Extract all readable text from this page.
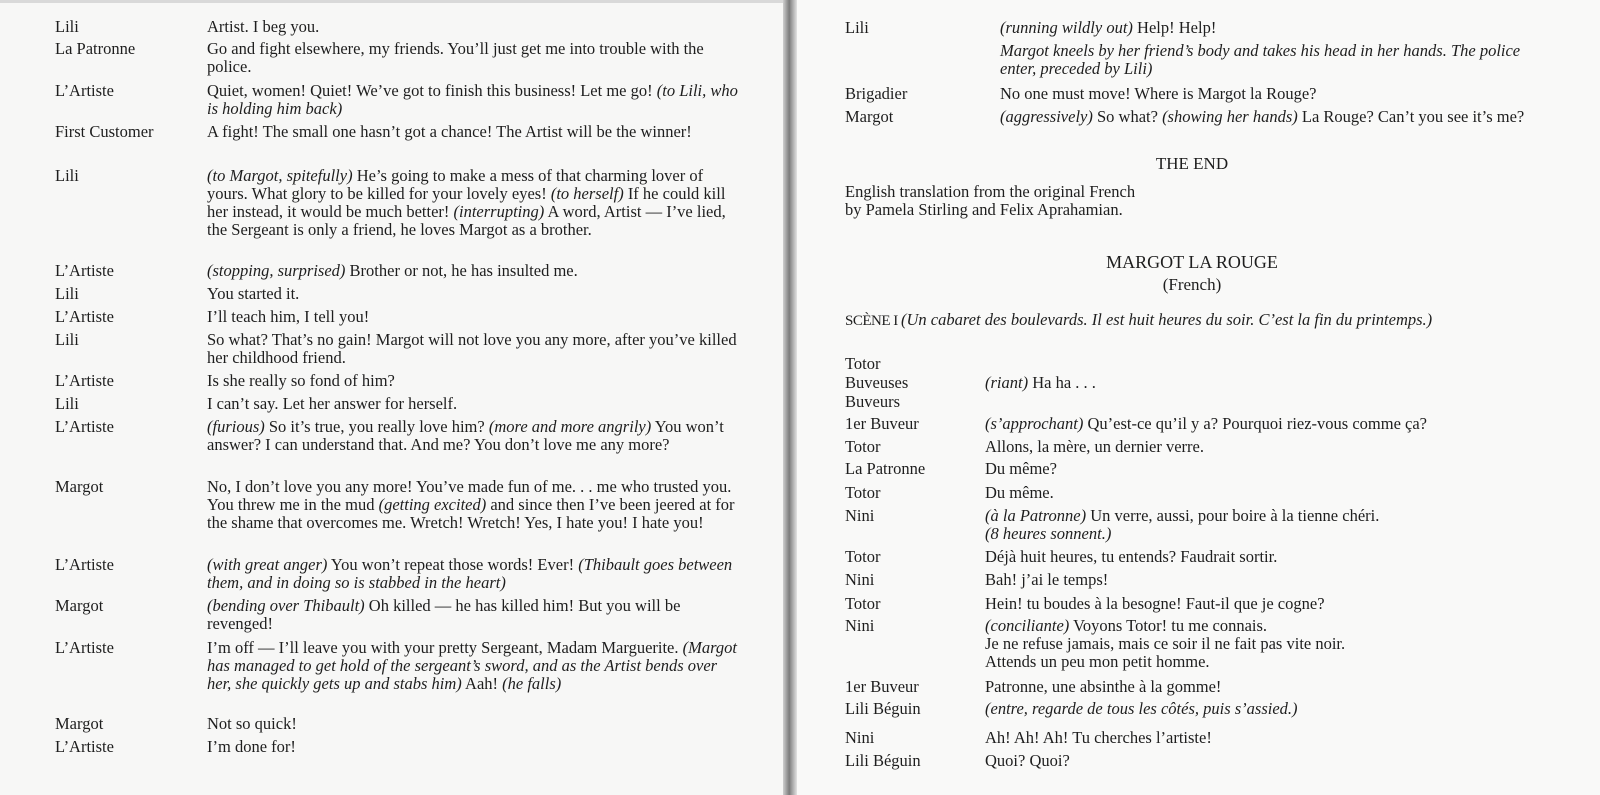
Lili	Artist. I beg you.
La Patronne	Go and fight elsewhere, my friends. You’ll just get me into trouble with the police.
L’Artiste	Quiet, women! Quiet! We’ve got to finish this business! Let me go! (to Lili, who is holding him back)
First Customer	A fight! The small one hasn’t got a chance! The Artist will be the winner!
Lili	(to Margot, spitefully) He’s going to make a mess of that charming lover of yours. What glory to be killed for your lovely eyes! (to herself) If he could kill her instead, it would be much better! (interrupting) A word, Artist — I’ve lied, the Sergeant is only a friend, he loves Margot as a brother.
L’Artiste	(stopping, surprised) Brother or not, he has insulted me.
Lili	You started it.
L’Artiste	I’ll teach him, I tell you!
Lili	So what? That’s no gain! Margot will not love you any more, after you’ve killed her childhood friend.
L’Artiste	Is she really so fond of him?
Lili	I can’t say. Let her answer for herself.
L’Artiste	(furious) So it’s true, you really love him? (more and more angrily) You won’t answer? I can understand that. And me? You don’t love me any more?
Margot	No, I don’t love you any more! You’ve made fun of me. . . me who trusted you. You threw me in the mud (getting excited) and since then I’ve been jeered at for the shame that overcomes me. Wretch! Wretch! Yes, I hate you! I hate you!
L’Artiste	(with great anger) You won’t repeat those words! Ever! (Thibault goes between them, and in doing so is stabbed in the heart)
Margot	(bending over Thibault) Oh killed — he has killed him! But you will be revenged!
L’Artiste	I’m off — I’ll leave you with your pretty Sergeant, Madam Marguerite. (Margot has managed to get hold of the sergeant’s sword, and as the Artist bends over her, she quickly gets up and stabs him) Aah! (he falls)
Margot	Not so quick!
L’Artiste	I’m done for!
THE END
English translation from the original French
by Pamela Stirling and Felix Aprahamian.
MARGOT LA ROUGE
(French)
SCÈNE I (Un cabaret des boulevards. Il est huit heures du soir. C’est la fin du printemps.)
Lili	(running wildly out) Help! Help!
Margot kneels by her friend’s body and takes his head in her hands. The police enter, preceded by Lili)
Brigadier	No one must move! Where is Margot la Rouge?
Margot	(aggressively) So what? (showing her hands) La Rouge? Can’t you see it’s me?
Totor
Buveuses	(riant) Ha ha . . .
Buveurs
1er Buveur	(s’approchant) Qu’est-ce qu’il y a? Pourquoi riez-vous comme ça?
Totor	Allons, la mère, un dernier verre.
La Patronne	Du même?
Totor	Du même.
Nini	(à la Patronne) Un verre, aussi, pour boire à la tienne chéri.
(8 heures sonnent.)
Totor	Déjà huit heures, tu entends? Faudrait sortir.
Nini	Bah! j’ai le temps!
Totor	Hein! tu boudes à la besogne! Faut-il que je cogne?
Nini	(conciliante) Voyons Totor! tu me connais.
Je ne refuse jamais, mais ce soir il ne fait pas vite noir.
Attends un peu mon petit homme.
1er Buveur	Patronne, une absinthe à la gomme!
Lili Béguin	(entre, regarde de tous les côtés, puis s’assied.)
Nini	Ah! Ah! Ah! Tu cherches l’artiste!
Lili Béguin	Quoi? Quoi?
